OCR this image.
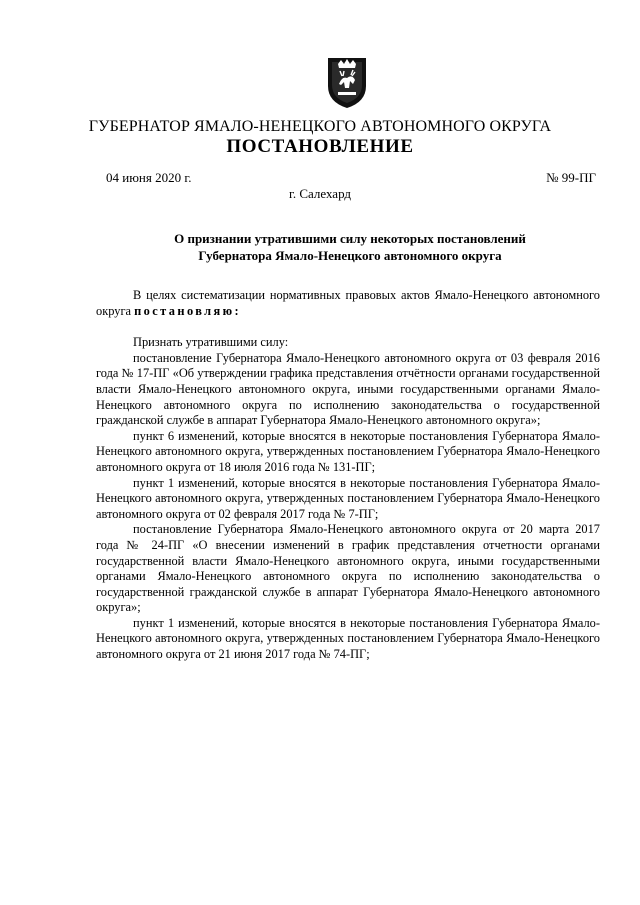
ГУБЕРНАТОР ЯМАЛО-НЕНЕЦКОГО АВТОНОМНОГО ОКРУГА
ПОСТАНОВЛЕНИЕ
04 июня 2020 г.	№ 99-ПГ
г. Салехард
О признании утратившими силу некоторых постановлений
Губернатора Ямало-Ненецкого автономного округа

В целях систематизации нормативных правовых актов Ямало-Ненецкого автономного округа постановляю:

Признать утратившими силу:

постановление Губернатора Ямало-Ненецкого автономного округа от 03 февраля 2016 года № 17-ПГ «Об утверждении графика представления отчётности органами государственной власти Ямало-Ненецкого автономного округа, иными государственными органами Ямало-Ненецкого автономного округа по исполнению законодательства о государственной гражданской службе в аппарат Губернатора Ямало-Ненецкого автономного округа»;

пункт 6 изменений, которые вносятся в некоторые постановления Губернатора Ямало-Ненецкого автономного округа, утвержденных постановлением Губернатора Ямало-Ненецкого автономного округа от 18 июля 2016 года № 131-ПГ;

пункт 1 изменений, которые вносятся в некоторые постановления Губернатора Ямало-Ненецкого автономного округа, утвержденных постановлением Губернатора Ямало-Ненецкого автономного округа от 02 февраля 2017 года № 7-ПГ;

постановление Губернатора Ямало-Ненецкого автономного округа от 20 марта 2017 года № 24-ПГ «О внесении изменений в график представления отчетности органами государственной власти Ямало-Ненецкого автономного округа, иными государственными органами Ямало-Ненецкого автономного округа по исполнению законодательства о государственной гражданской службе в аппарат Губернатора Ямало-Ненецкого автономного округа»;

пункт 1 изменений, которые вносятся в некоторые постановления Губернатора Ямало-Ненецкого автономного округа, утвержденных постановлением Губернатора Ямало-Ненецкого автономного округа от 21 июня 2017 года № 74-ПГ;
